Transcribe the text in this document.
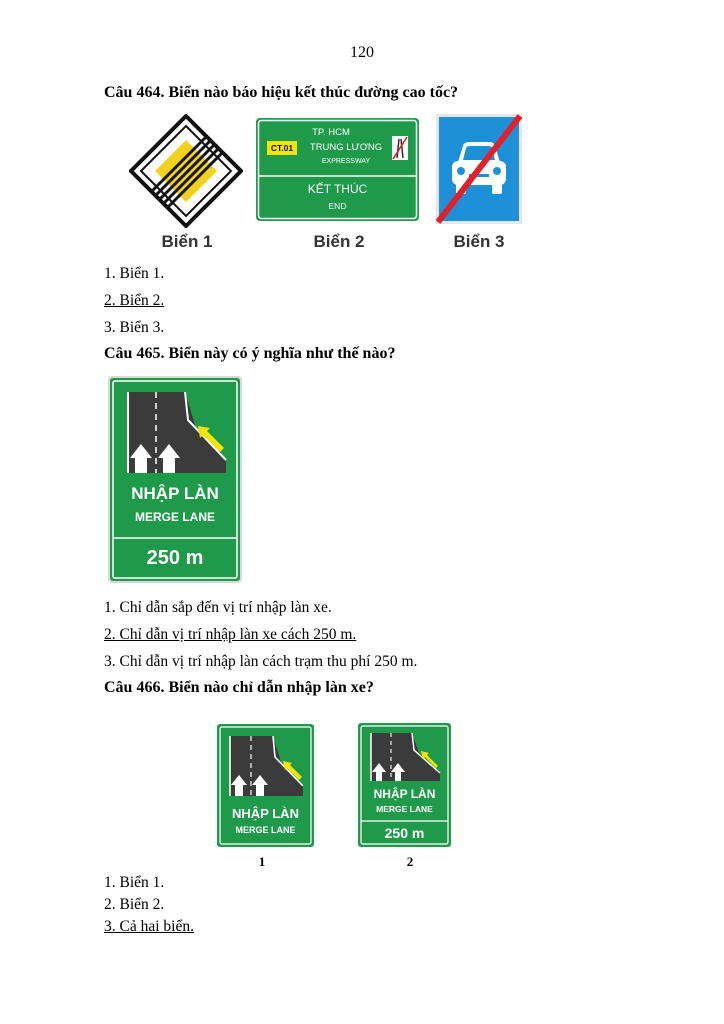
120
Câu 464. Biển nào báo hiệu kết thúc đường cao tốc?
Biển 1
TP. HCM
CT.01	TRUNG LƯƠNG
EXPRESSWAY
KẾT THÚC
END
Biển 2	Biển 3
1. Biển 1.
2. Biển 2.
3. Biển 3.
Câu 465. Biển này có ý nghĩa như thế nào?
NHẬP LÀN
MERGE LANE
250 m
1. Chỉ dẫn sắp đến vị trí nhập làn xe.
2. Chỉ dẫn vị trí nhập làn xe cách 250 m.
3. Chỉ dẫn vị trí nhập làn cách trạm thu phí 250 m.
Câu 466. Biển nào chỉ dẫn nhập làn xe?
NHẬP LÀN
MERGE LANE
NHẬP LÀN
MERGE LANE
250 m
1	2
1. Biển 1.
2. Biển 2.
3. Cả hai biển.
